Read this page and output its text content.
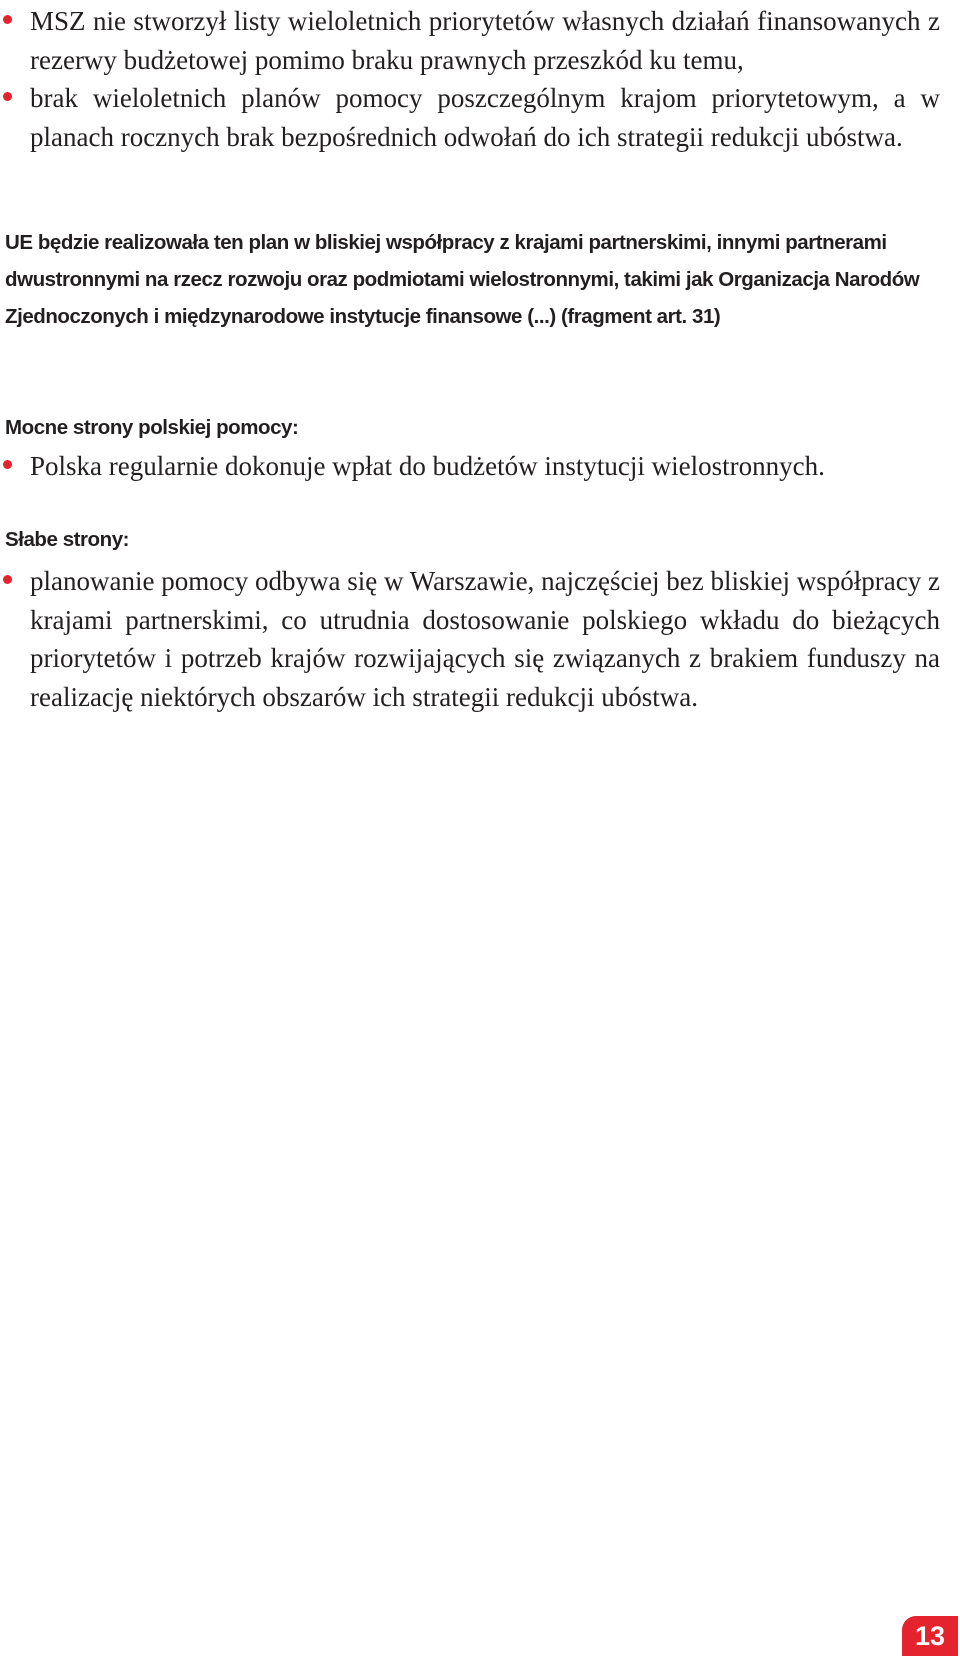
MSZ nie stworzył listy wieloletnich priorytetów własnych działań finansowanych z rezerwy budżetowej pomimo braku prawnych przeszkód ku temu,
brak wieloletnich planów pomocy poszczególnym krajom priorytetowym, a w planach rocznych brak bezpośrednich odwołań do ich strategii redukcji ubóstwa.
UE będzie realizowała ten plan w bliskiej współpracy z krajami partnerskimi, innymi partnerami dwustronnymi na rzecz rozwoju oraz podmiotami wielostronnymi, takimi jak Organizacja Narodów Zjednoczonych i międzynarodowe instytucje finansowe (...) (fragment art. 31)
Mocne strony polskiej pomocy:
Polska regularnie dokonuje wpłat do budżetów instytucji wielostronnych.
Słabe strony:
planowanie pomocy odbywa się w Warszawie, najczęściej bez bliskiej współpracy z krajami partnerskimi, co utrudnia dostosowanie polskiego wkładu do bieżących priorytetów i potrzeb krajów rozwijających się związanych z brakiem funduszy na realizację niektórych obszarów ich strategii redukcji ubóstwa.
13
